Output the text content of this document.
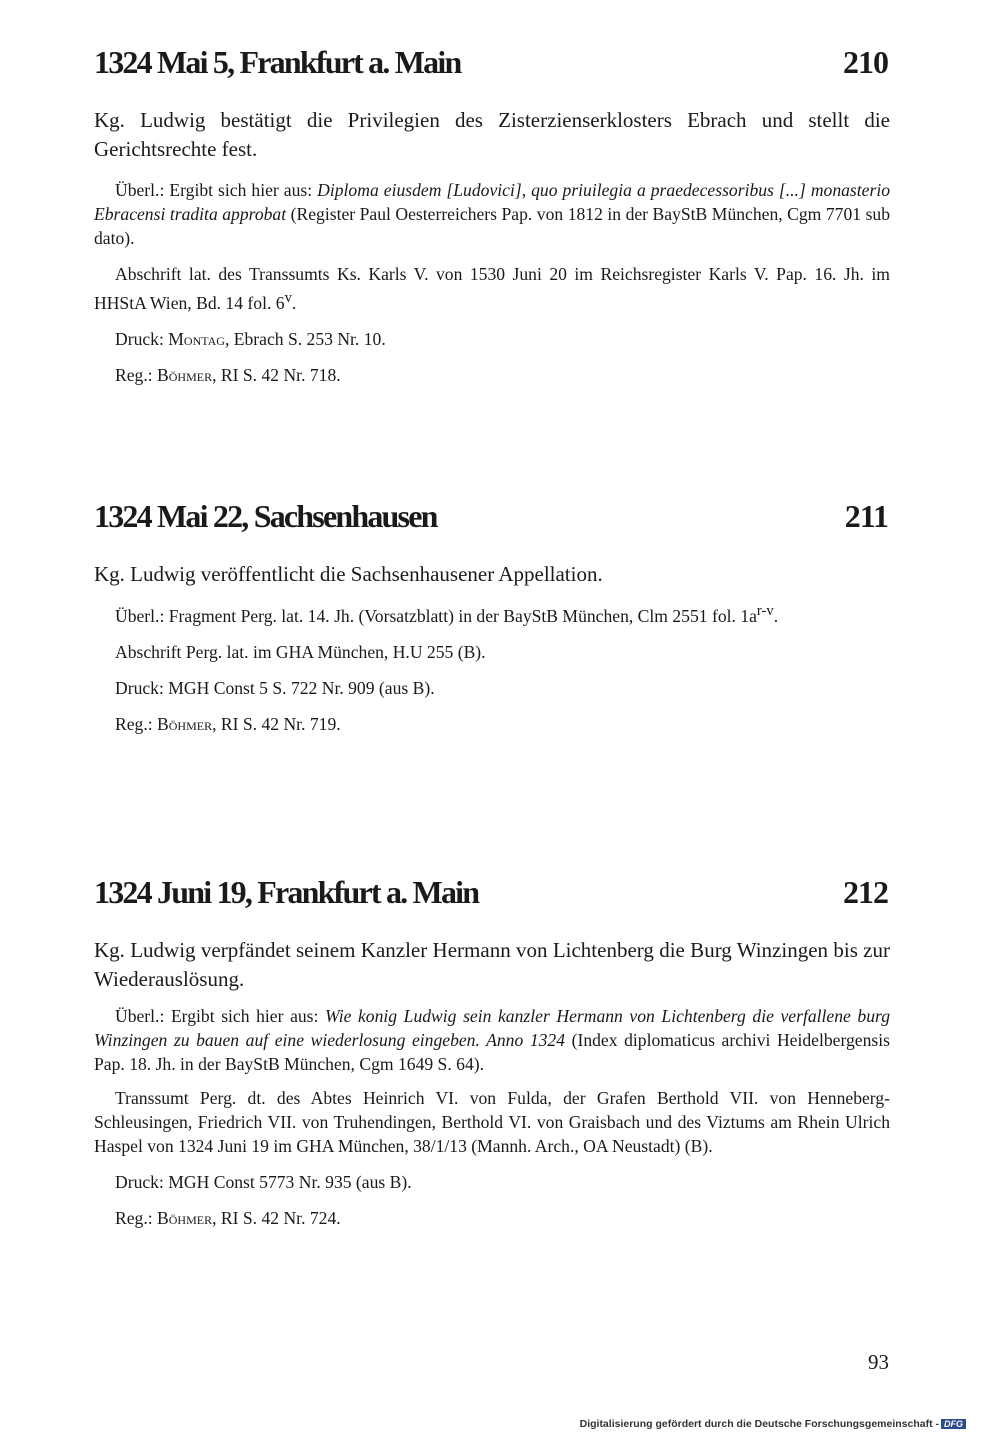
1324 Mai 5, Frankfurt a. Main	210

Kg. Ludwig bestätigt die Privilegien des Zisterzienserklosters Ebrach und stellt die Gerichtsrechte fest.

Überl.: Ergibt sich hier aus: Diploma eiusdem [Ludovici], quo priuilegia a praedecessoribus [...] monasterio Ebracensi tradita approbat (Register Paul Oesterreichers Pap. von 1812 in der BayStB München, Cgm 7701 sub dato).

Abschrift lat. des Transsumts Ks. Karls V. von 1530 Juni 20 im Reichsregister Karls V. Pap. 16. Jh. im HHStA Wien, Bd. 14 fol. 6$^v$.

Druck: Montag, Ebrach S. 253 Nr. 10.

Reg.: Böhmer, RI S. 42 Nr. 718.

1324 Mai 22, Sachsenhausen	211

Kg. Ludwig veröffentlicht die Sachsenhausener Appellation.

Überl.: Fragment Perg. lat. 14. Jh. (Vorsatzblatt) in der BayStB München, Clm 2551 fol. $1a^{r-v}$.

Abschrift Perg. lat. im GHA München, H.U 255 (B).

Druck: MGH Const 5 S. 722 Nr. 909 (aus B).

Reg.: Böhmer, RI S. 42 Nr. 719.

1324 Juni 19, Frankfurt a. Main	212

Kg. Ludwig verpfändet seinem Kanzler Hermann von Lichtenberg die Burg Winzingen bis zur Wiederauslösung.

Überl.: Ergibt sich hier aus: Wie konig Ludwig sein kanzler Hermann von Lichtenberg die verfallene burg Winzingen zu bauen auf eine wiederlosung eingeben. Anno 1324 (Index diplomaticus archivi Heidelbergensis Pap. 18. Jh. in der BayStB München, Cgm 1649 S. 64).

Transsumt Perg. dt. des Abtes Heinrich VI. von Fulda, der Grafen Berthold VII. von Henneberg-Schleusingen, Friedrich VII. von Truhendingen, Berthold VI. von Graisbach und des Viztums am Rhein Ulrich Haspel von 1324 Juni 19 im GHA München, 38/1/13 (Mannh. Arch., OA Neustadt) (B).

Druck: MGH Const 5773 Nr. 935 (aus B).

Reg.: Böhmer, RI S. 42 Nr. 724.

93
Digitalisierung gefördert durch die Deutsche Forschungsgemeinschaft - DFG
